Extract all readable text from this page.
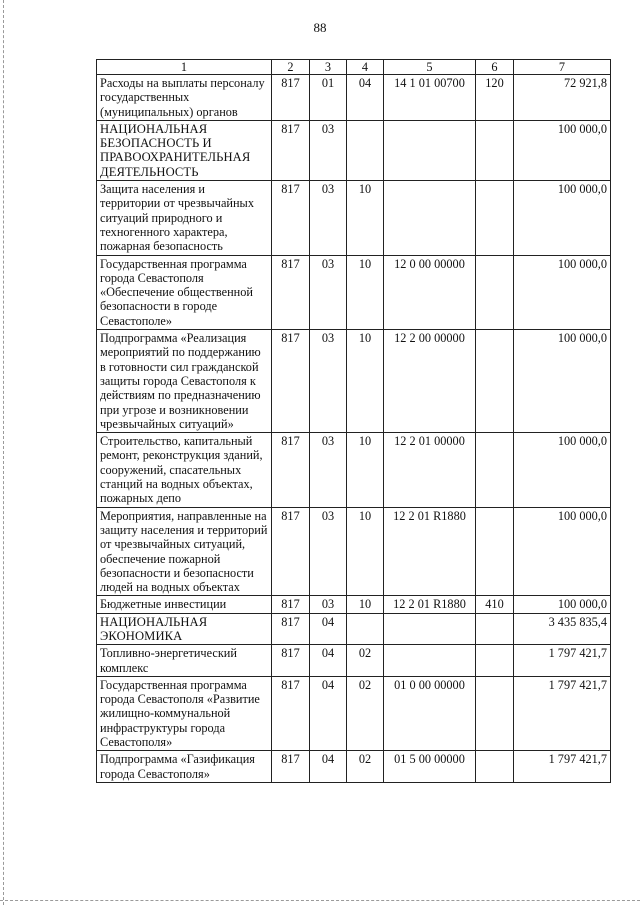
88
1	2	3	4	5	6	7
Расходы на выплаты персоналу государственных (муниципальных) органов	817	01	04	14 1 01 00700	120	72 921,8
НАЦИОНАЛЬНАЯ БЕЗОПАСНОСТЬ И ПРАВООХРАНИТЕЛЬНАЯ ДЕЯТЕЛЬНОСТЬ	817	03				100 000,0
Защита населения и территории от чрезвычайных ситуаций природного и техногенного характера, пожарная безопасность	817	03	10			100 000,0
Государственная программа города Севастополя «Обеспечение общественной безопасности в городе Севастополе»	817	03	10	12 0 00 00000		100 000,0
Подпрограмма «Реализация мероприятий по поддержанию в готовности сил гражданской защиты города Севастополя к действиям по предназначению при угрозе и возникновении чрезвычайных ситуаций»	817	03	10	12 2 00 00000		100 000,0
Строительство, капитальный ремонт, реконструкция зданий, сооружений, спасательных станций на водных объектах, пожарных депо	817	03	10	12 2 01 00000		100 000,0
Мероприятия, направленные на защиту населения и территорий от чрезвычайных ситуаций, обеспечение пожарной безопасности и безопасности людей на водных объектах	817	03	10	12 2 01 R1880		100 000,0
Бюджетные инвестиции	817	03	10	12 2 01 R1880	410	100 000,0
НАЦИОНАЛЬНАЯ ЭКОНОМИКА	817	04				3 435 835,4
Топливно-энергетический комплекс	817	04	02			1 797 421,7
Государственная программа города Севастополя «Развитие жилищно-коммунальной инфраструктуры города Севастополя»	817	04	02	01 0 00 00000		1 797 421,7
Подпрограмма «Газификация города Севастополя»	817	04	02	01 5 00 00000		1 797 421,7
